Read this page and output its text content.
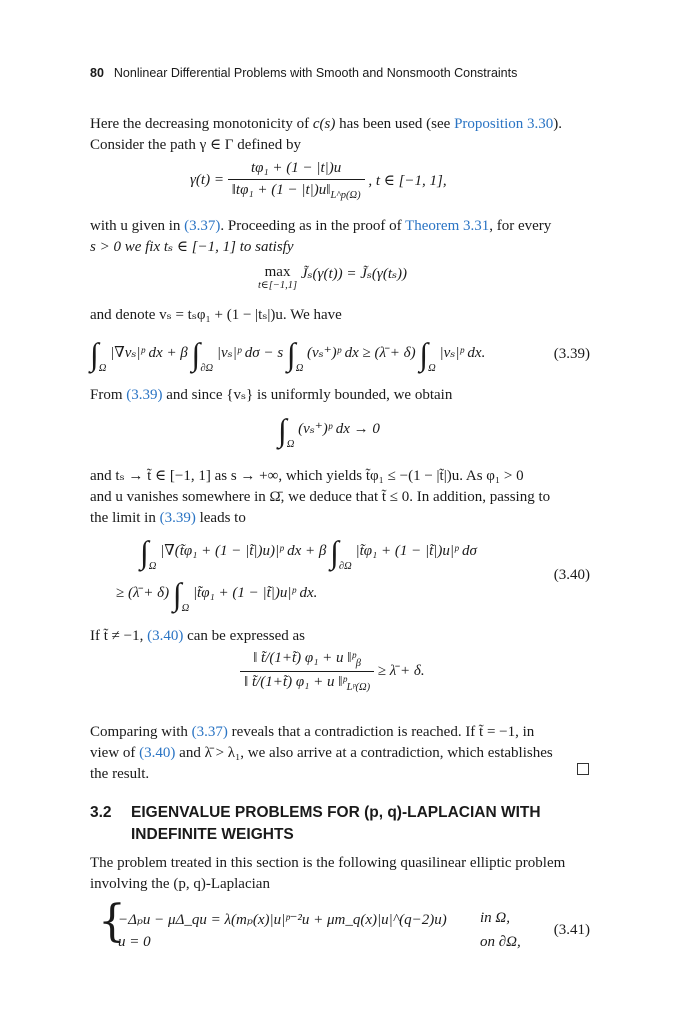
80 Nonlinear Differential Problems with Smooth and Nonsmooth Constraints
Here the decreasing monotonicity of c(s) has been used (see Proposition 3.30).
Consider the path γ ∈ Γ defined by
$\gamma(t) = \frac{\text{tφ₁ + (1 − |t|)u}}{‖t\varphi_1 + (1 - |t|)u‖_{L\^{}p(\Omega)}}$ , t ∈ [−1, 1],
with u given in (3.37). Proceeding as in the proof of Theorem 3.31, for every
s > 0 we fix tₛ ∈ [−1, 1] to satisfy
max
t∈[−1,1]
J̃ₛ(γ(t)) = J̃ₛ(γ(tₛ))
and denote vₛ = tₛφ₁ + (1 − |tₛ|)u. We have
$\int_\Omega$ |∇vₛ|ᵖ dx + β $\int_{\partial\Omega}$ |vₛ|ᵖ dσ − s $\int_\Omega$ (vₛ⁺)ᵖ dx ≥ (λ̄ + δ) $\int_\Omega$ |vₛ|ᵖ dx.	(3.39)
From (3.39) and since {vₛ} is uniformly bounded, we obtain
$\int_\Omega$ (vₛ⁺)ᵖ dx → 0
and tₛ → t̃ ∈ [−1, 1] as s → +∞, which yields t̃φ₁ ≤ −(1 − |t̃|)u. As φ₁ > 0
and u vanishes somewhere in Ω̄, we deduce that t̃ ≤ 0. In addition, passing to
the limit in (3.39) leads to
$\int_\Omega$ |∇(t̃φ₁ + (1 − |t̃|)u)|ᵖ dx + β $\int_{\partial\Omega}$ |t̃φ₁ + (1 − |t̃|)u|ᵖ dσ
≥ (λ̄ + δ) $\int_\Omega$ |t̃φ₁ + (1 − |t̃|)u|ᵖ dx.
(3.40)
If t̃ ≠ −1, (3.40) can be expressed as
$\frac{‖ t̃/(1+t̃) \varphi_1 + u ‖ᵖ_\beta}{‖ t̃/(1+t̃) \varphi_1 + u ‖ᵖ_{Lᵖ(\Omega)}}$ ≥ λ̄ + δ.
Comparing with (3.37) reveals that a contradiction is reached. If t̃ = −1, in
view of (3.40) and λ̄ > λ₁, we also arrive at a contradiction, which establishes
the result.
3.2 EIGENVALUE PROBLEMS FOR (p, q)-LAPLACIAN WITH
INDEFINITE WEIGHTS
The problem treated in this section is the following quasilinear elliptic problem
involving the (p, q)-Laplacian
{
−Δₚu − μΔ_qu = λ(mₚ(x)|u|ᵖ⁻²u + μm_q(x)|u|^(q−2)u) in Ω,
u = 0	on ∂Ω,
(3.41)
